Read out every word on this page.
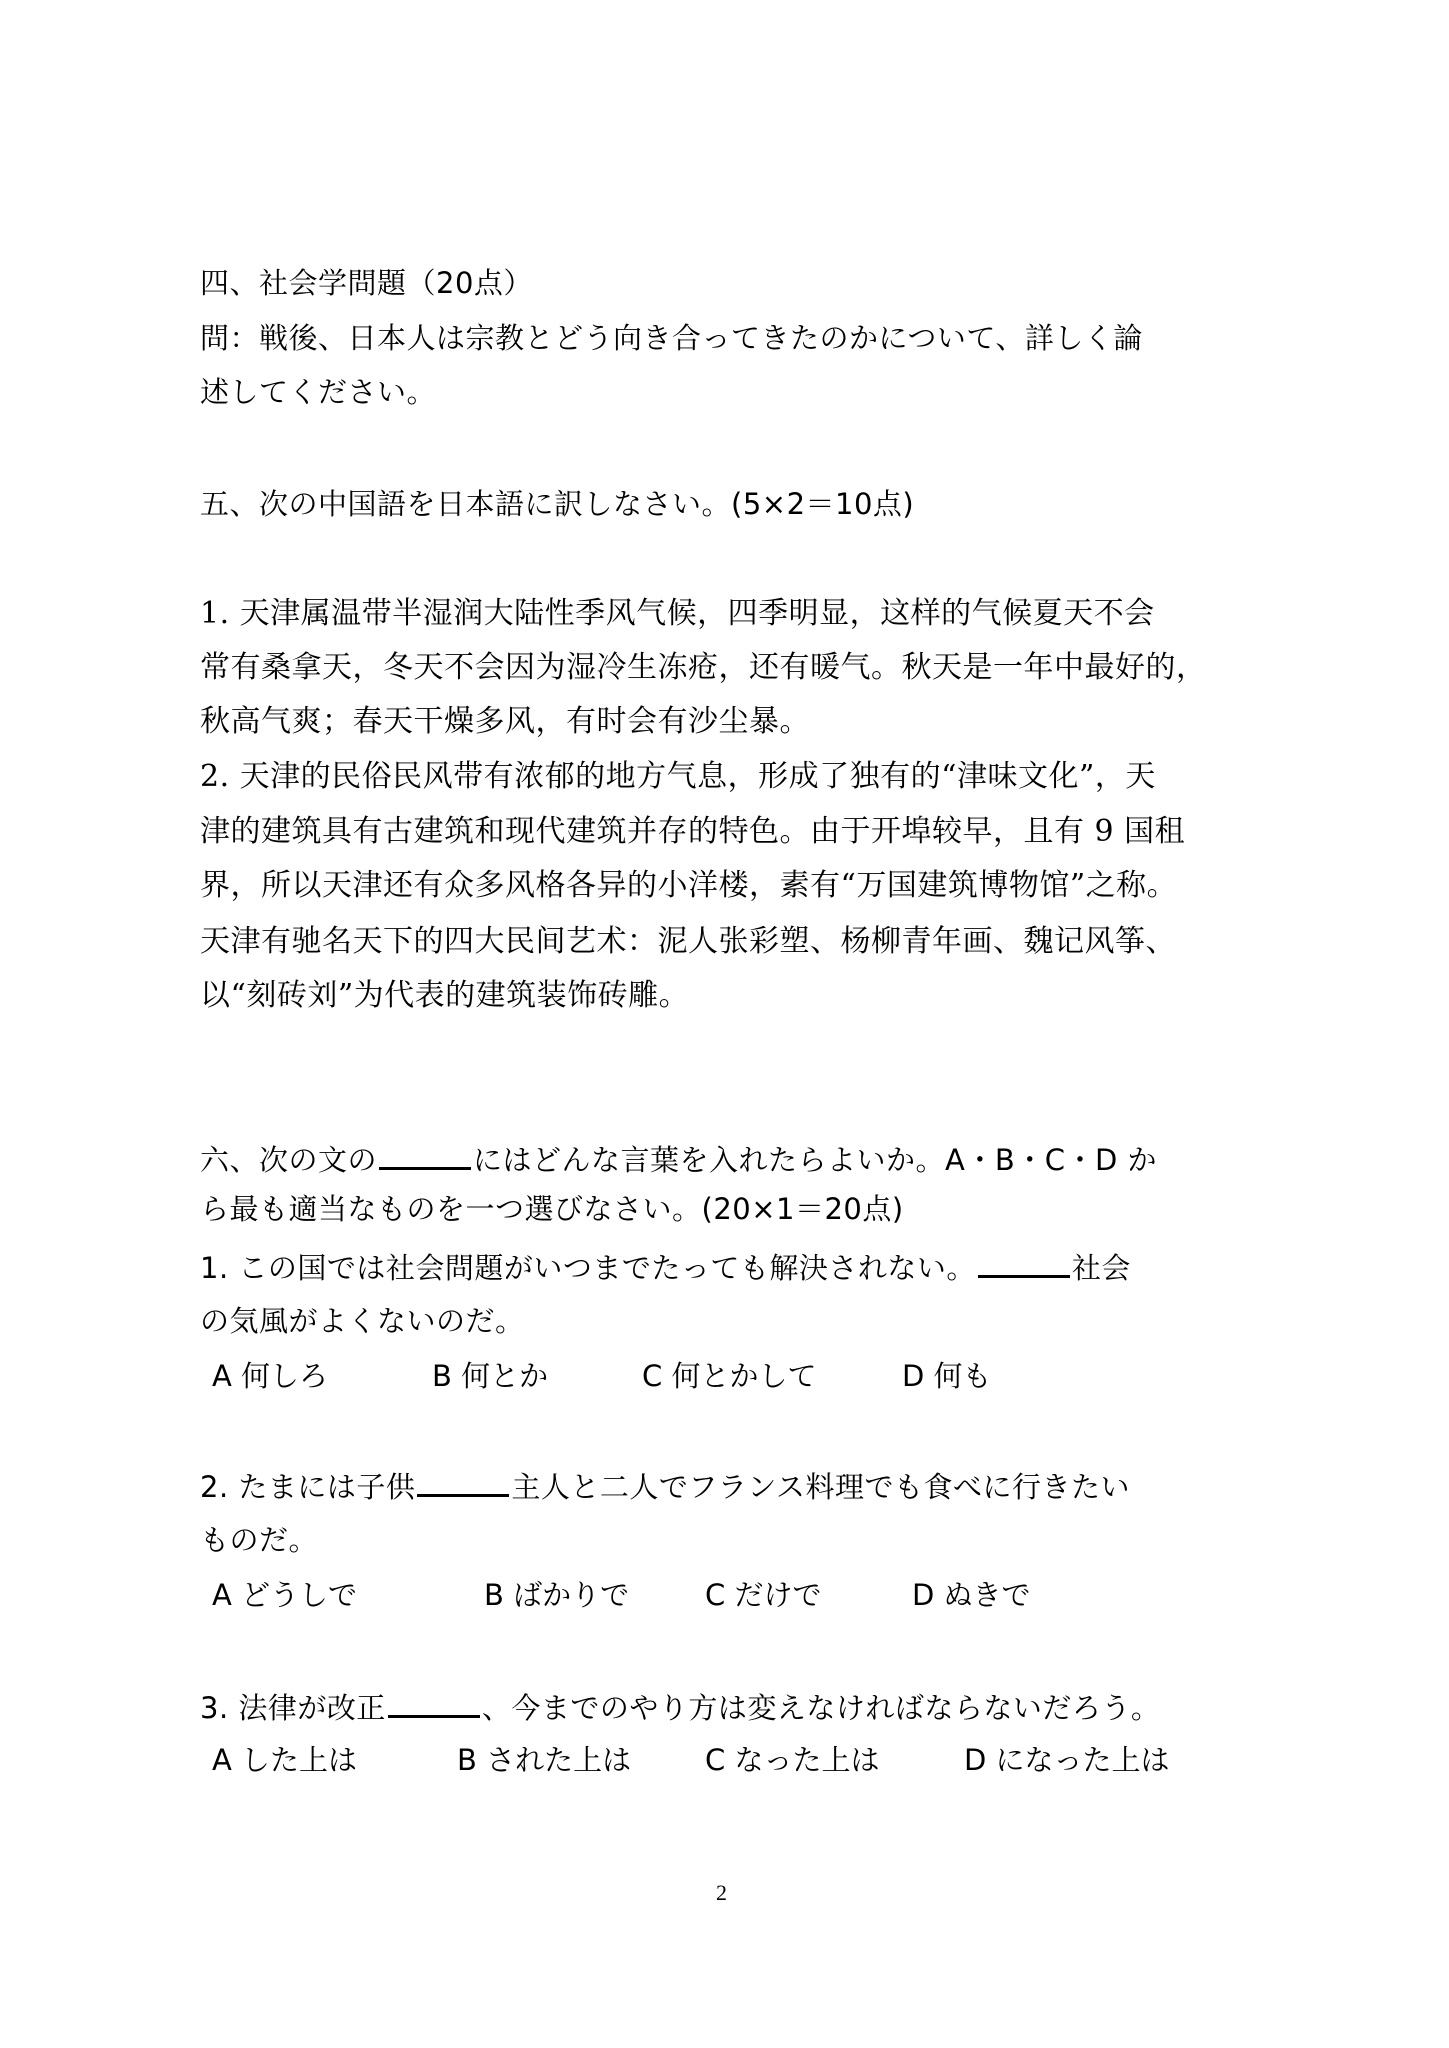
四、社会学問題（20点）
問：戦後、日本人は宗教とどう向き合ってきたのかについて、詳しく論
述してください。
五、次の中国語を日本語に訳しなさい。(5×2＝10点)
1. 天津属温带半湿润大陆性季风气候，四季明显，这样的气候夏天不会
常有桑拿天，冬天不会因为湿冷生冻疮，还有暖气。秋天是一年中最好的，
秋高气爽；春天干燥多风，有时会有沙尘暴。
2. 天津的民俗民风带有浓郁的地方气息，形成了独有的“津味文化”，天
津的建筑具有古建筑和现代建筑并存的特色。由于开埠较早，且有 9 国租
界，所以天津还有众多风格各异的小洋楼，素有“万国建筑博物馆”之称。
天津有驰名天下的四大民间艺术：泥人张彩塑、杨柳青年画、魏记风筝、
以“刻砖刘”为代表的建筑装饰砖雕。
六、次の文の	にはどんな言葉を入れたらよいか。A・B・C・D か
ら最も適当なものを一つ選びなさい。(20×1＝20点)
1. この国では社会問題がいつまでたっても解決されない。	社会
の気風がよくないのだ。
A 何しろ	B 何とか	C 何とかして	D 何も
2. たまには子供	主人と二人でフランス料理でも食べに行きたい
ものだ。
A どうしで	B ばかりで	C だけで	D ぬきで
3. 法律が改正	、今までのやり方は変えなければならないだろう。
A した上は	B された上は	C なった上は	D になった上は
2
